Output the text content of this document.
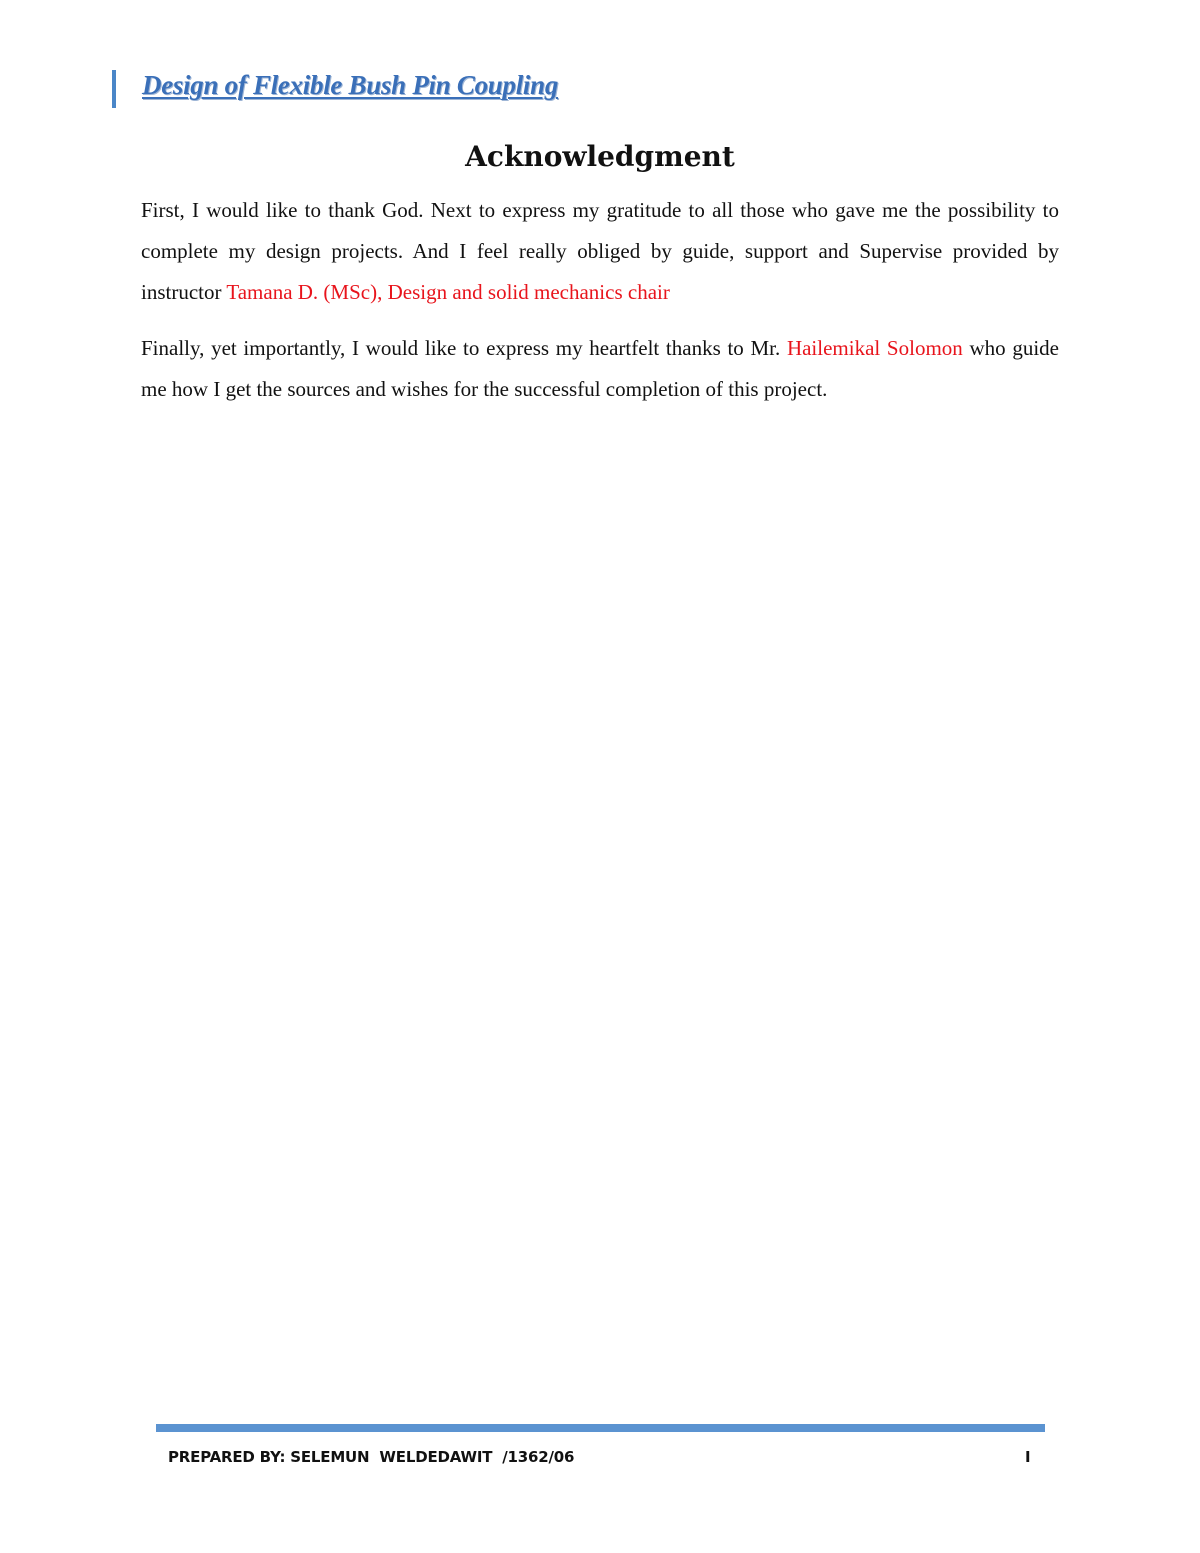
Design of Flexible Bush Pin Coupling
Acknowledgment

First, I would like to thank God. Next to express my gratitude to all those who gave me the possibility to complete my design projects. And I feel really obliged by guide, support and Supervise provided by instructor Tamana D. (MSc), Design and solid mechanics chair

Finally, yet importantly, I would like to express my heartfelt thanks to Mr. Hailemikal Solomon who guide me how I get the sources and wishes for the successful completion of this project.

PREPARED BY: SELEMUN  WELDEDAWIT  /1362/06	I
